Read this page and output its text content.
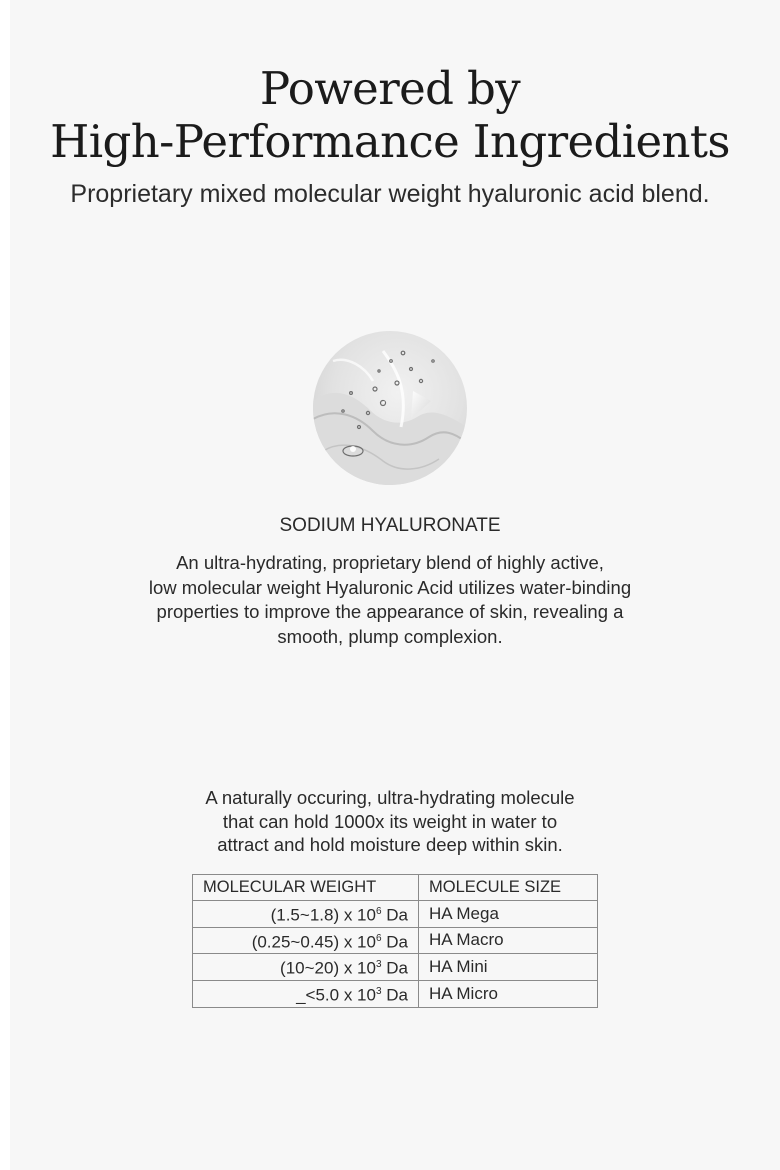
Powered by
High-Performance Ingredients

Proprietary mixed molecular weight hyaluronic acid blend.

SODIUM HYALURONATE

An ultra-hydrating, proprietary blend of highly active,
low molecular weight Hyaluronic Acid utilizes water-binding
properties to improve the appearance of skin, revealing a
smooth, plump complexion.

A naturally occuring, ultra-hydrating molecule
that can hold 1000x its weight in water to
attract and hold moisture deep within skin.

MOLECULAR WEIGHT	MOLECULE SIZE
(1.5~1.8) x $10^6$ Da	HA Mega
(0.25~0.45) x $10^6$ Da	HA Macro
(10~20) x $10^3$ Da	HA Mini
_<5.0 x $10^3$ Da	HA Micro
